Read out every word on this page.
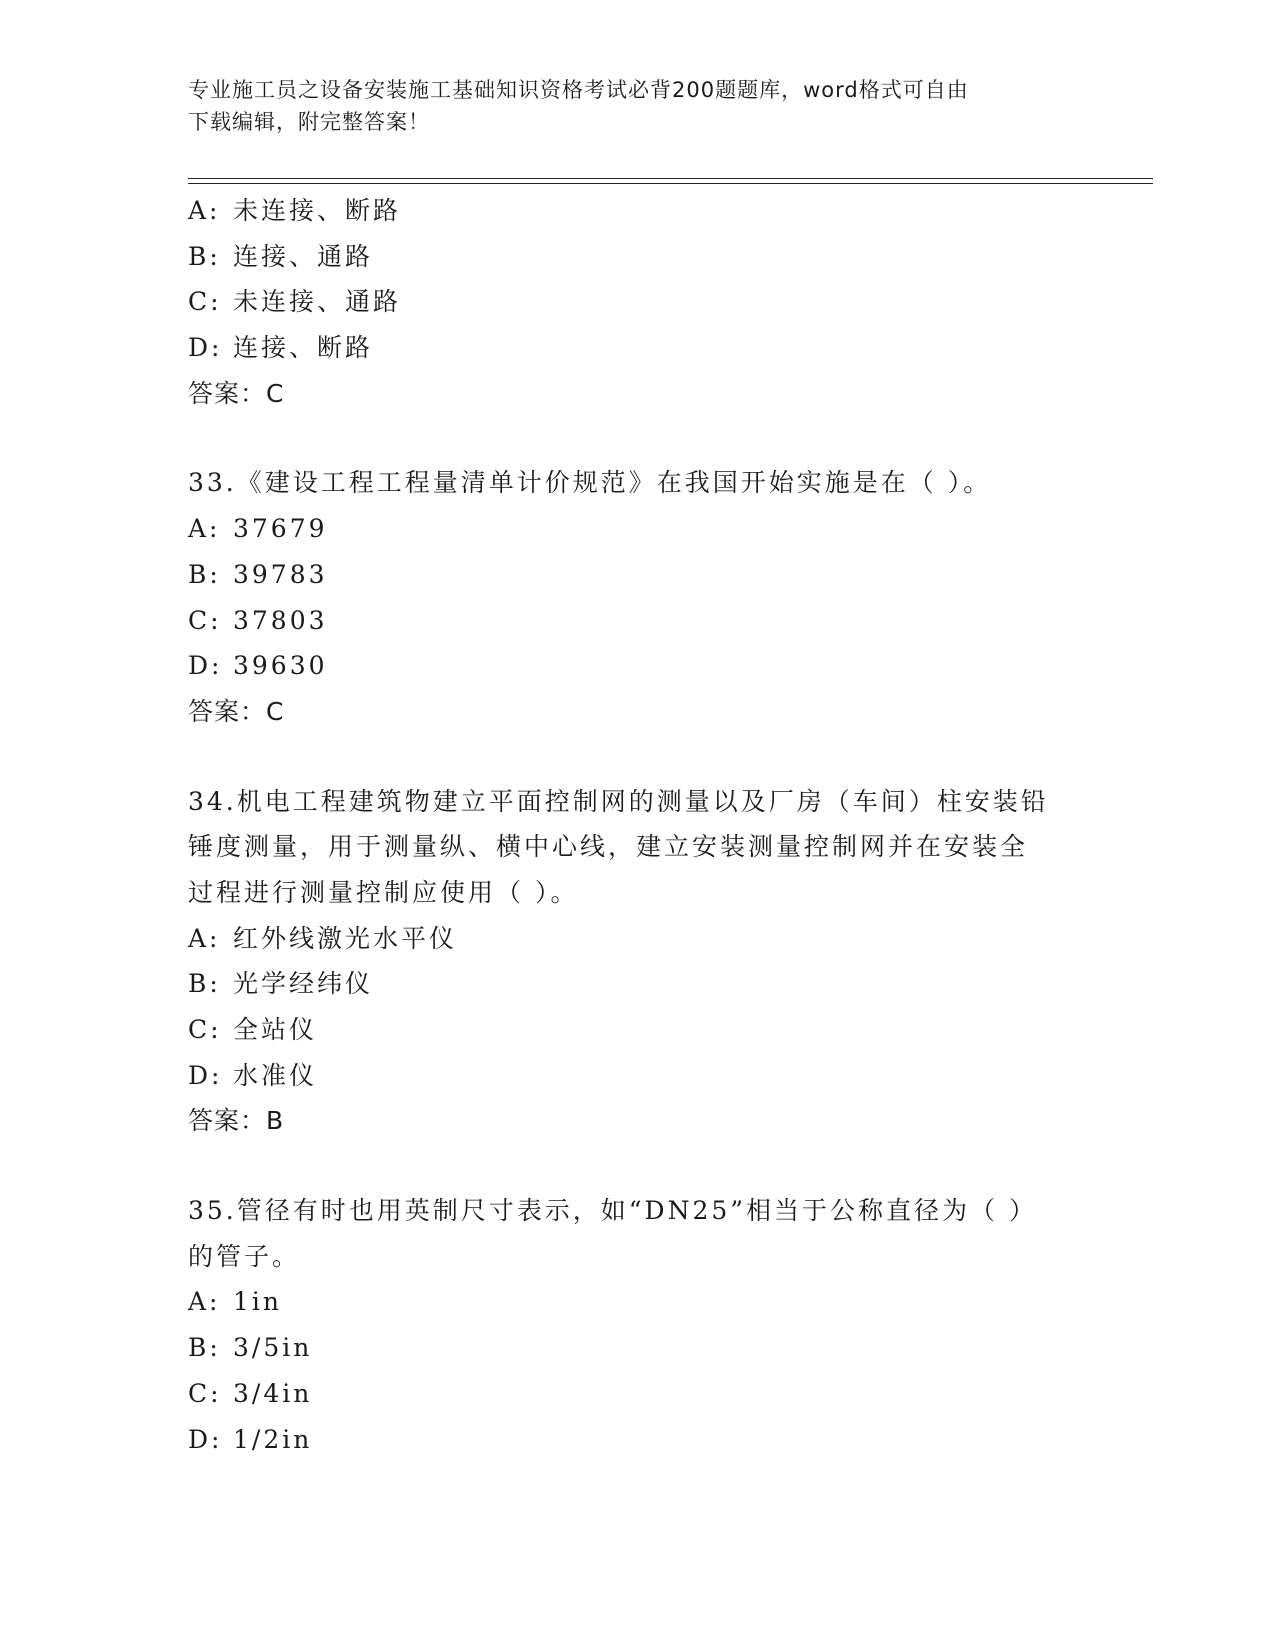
专业施工员之设备安装施工基础知识资格考试必背200题题库，word格式可自由
下载编辑，附完整答案！
A: 未连接、断路
B: 连接、通路
C: 未连接、通路
D: 连接、断路
答案：C
33.《建设工程工程量清单计价规范》在我国开始实施是在（ ）。
A: 37679
B: 39783
C: 37803
D: 39630
答案：C
34.机电工程建筑物建立平面控制网的测量以及厂房（车间）柱安装铅
锤度测量，用于测量纵、横中心线，建立安装测量控制网并在安装全
过程进行测量控制应使用（ ）。
A: 红外线激光水平仪
B: 光学经纬仪
C: 全站仪
D: 水准仪
答案：B
35.管径有时也用英制尺寸表示，如“DN25”相当于公称直径为（ ）
的管子。
A: 1in
B: 3/5in
C: 3/4in
D: 1/2in
